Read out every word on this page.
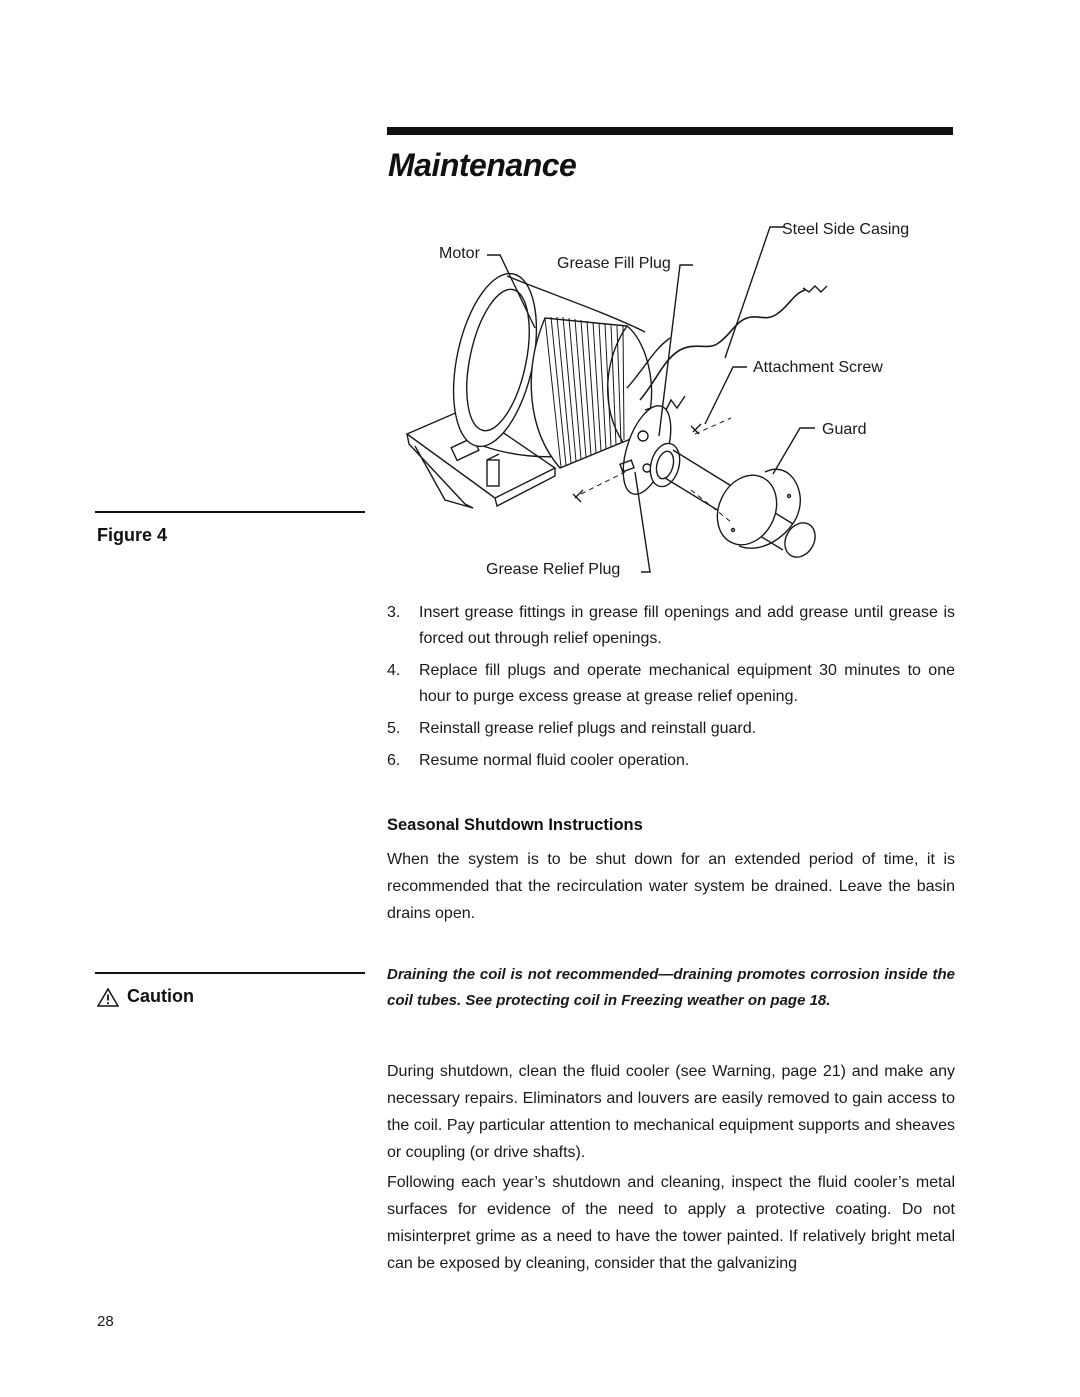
Maintenance
Figure 4
Caution
Steel Side Casing
Motor
Grease Fill Plug
Attachment Screw
Guard
Grease Relief Plug
3. Insert grease fittings in grease fill openings and add grease until grease is forced out through relief openings.
4. Replace fill plugs and operate mechanical equipment 30 minutes to one hour to purge excess grease at grease relief opening.
5. Reinstall grease relief plugs and reinstall guard.
6. Resume normal fluid cooler operation.
Seasonal Shutdown Instructions

When the system is to be shut down for an extended period of time, it is recommended that the recirculation water system be drained. Leave the basin drains open.

Draining the coil is not recommended—draining promotes corrosion inside the coil tubes. See protecting coil in Freezing weather on page 18.

During shutdown, clean the fluid cooler (see Warning, page 21) and make any necessary repairs. Eliminators and louvers are easily removed to gain access to the coil. Pay particular attention to mechanical equipment supports and sheaves or coupling (or drive shafts).

Following each year’s shutdown and cleaning, inspect the fluid cooler’s metal surfaces for evidence of the need to apply a protective coating. Do not misinterpret grime as a need to have the tower painted. If relatively bright metal can be exposed by cleaning, consider that the galvanizing

28
